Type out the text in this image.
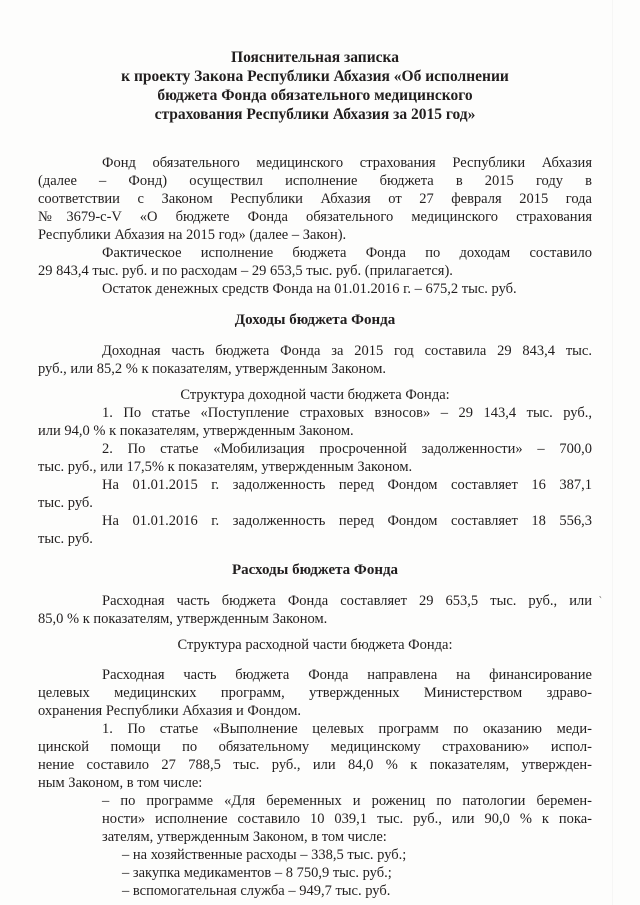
Пояснительная записка
к проекту Закона Республики Абхазия «Об исполнении
бюджета Фонда обязательного медицинского
страхования Республики Абхазия за 2015 год»
Фонд обязательного медицинского страхования Республики Абхазия
(далее – Фонд) осуществил исполнение бюджета в 2015 году в
соответствии с Законом Республики Абхазия от 27 февраля 2015 года
№3679-с-V «О бюджете Фонда обязательного медицинского страхования
Республики Абхазия на 2015 год» (далее – Закон).
Фактическое исполнение бюджета Фонда по доходам составило
29 843,4 тыс. руб. и по расходам – 29 653,5 тыс. руб. (прилагается).
Остаток денежных средств Фонда на 01.01.2016 г. – 675,2 тыс. руб.
Доходы бюджета Фонда
Доходная часть бюджета Фонда за 2015 год составила 29 843,4 тыс.
руб., или 85,2 % к показателям, утвержденным Законом.
Структура доходной части бюджета Фонда:
1. По статье «Поступление страховых взносов» – 29 143,4 тыс. руб.,
или 94,0 % к показателям, утвержденным Законом.
2. По статье «Мобилизация просроченной задолженности» – 700,0
тыс. руб., или 17,5% к показателям, утвержденным Законом.
На 01.01.2015 г. задолженность перед Фондом составляет 16 387,1
тыс. руб.
На 01.01.2016 г. задолженность перед Фондом составляет 18 556,3
тыс. руб.
Расходы бюджета Фонда
Расходная часть бюджета Фонда составляет 29 653,5 тыс. руб., или
85,0 % к показателям, утвержденным Законом.
Структура расходной части бюджета Фонда:
Расходная часть бюджета Фонда направлена на финансирование
целевых медицинских программ, утвержденных Министерством здраво-
охранения Республики Абхазия и Фондом.
1. По статье «Выполнение целевых программ по оказанию меди-
цинской помощи по обязательному медицинскому страхованию» испол-
нение составило 27 788,5 тыс. руб., или 84,0 % к показателям, утвержден-
ным Законом, в том числе:
– по программе «Для беременных и рожениц по патологии беремен-
ности» исполнение составило 10 039,1 тыс. руб., или 90,0 % к пока-
зателям, утвержденным Законом, в том числе:
– на хозяйственные расходы – 338,5 тыс. руб.;
– закупка медикаментов – 8 750,9 тыс. руб.;
– вспомогательная служба – 949,7 тыс. руб.
ˋ
